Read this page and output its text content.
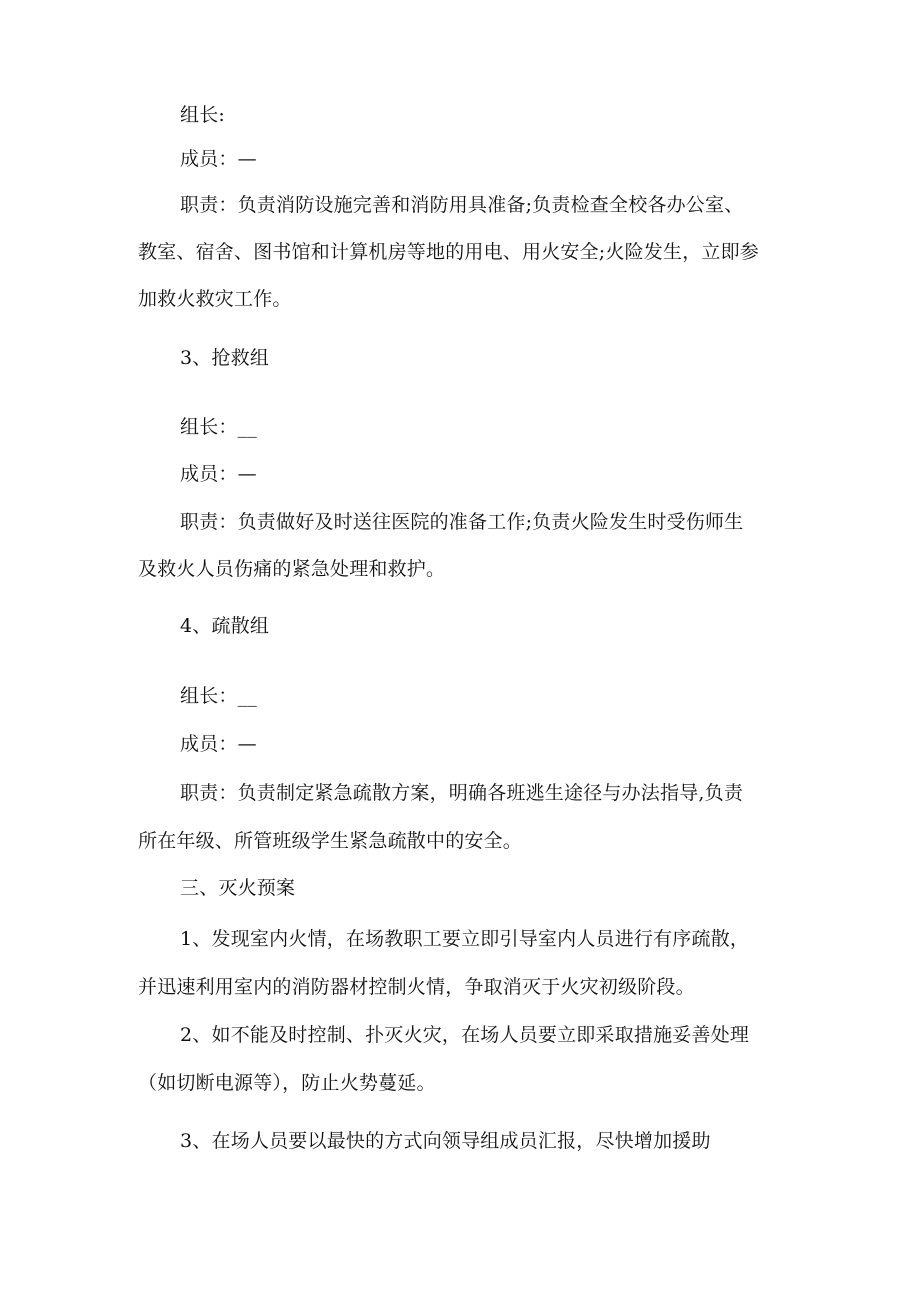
组长:
成员：—
职责：负责消防设施完善和消防用具准备;负责检查全校各办公室、
教室、宿舍、图书馆和计算机房等地的用电、用火安全;火险发生，立即参
加救火救灾工作。
3、抢救组
组长：__
成员：—
职责：负责做好及时送往医院的准备工作;负责火险发生时受伤师生
及救火人员伤痛的紧急处理和救护。
4、疏散组
组长：__
成员：—
职责：负责制定紧急疏散方案，明确各班逃生途径与办法指导,负责
所在年级、所管班级学生紧急疏散中的安全。
三、灭火预案
1、发现室内火情，在场教职工要立即引导室内人员进行有序疏散，
并迅速利用室内的消防器材控制火情，争取消灭于火灾初级阶段。
2、如不能及时控制、扑灭火灾，在场人员要立即采取措施妥善处理
（如切断电源等），防止火势蔓延。
3、在场人员要以最快的方式向领导组成员汇报，尽快增加援助
